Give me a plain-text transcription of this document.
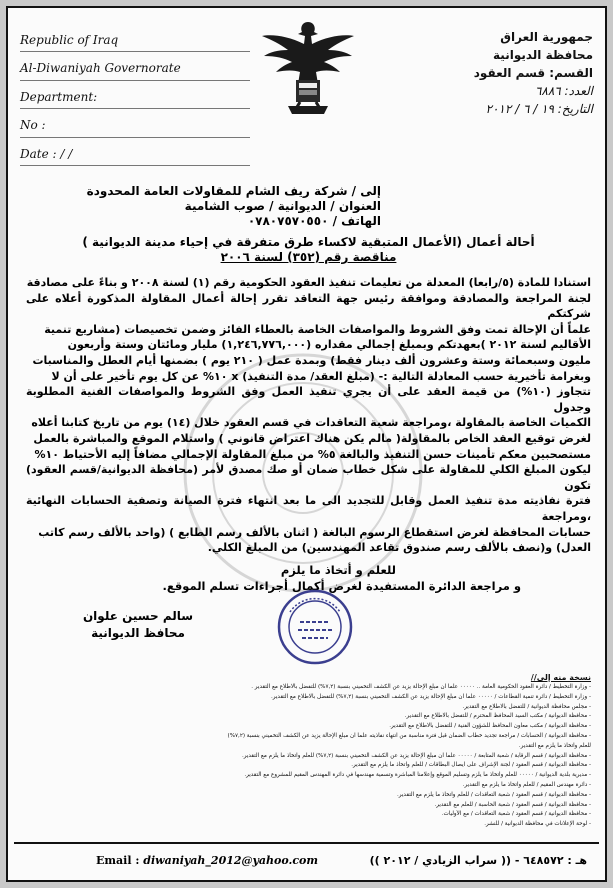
Republic of Iraq
Al-Diwaniyah Governorate
Department:
No :
Date : / /
جمهورية العراق
محافظة الديوانية
القسم: قسم العقود
العدد: ٦٨٨٦
التاريخ: ١٩ / ٦ / ٢٠١٢
إلى / شركة ريف الشام للمقاولات العامة المحدودة
العنوان / الديوانية / صوب الشامية
الهاتف / ٠٧٨٠٧٥٧٠٥٥٠
أحالة أعمال (الأعمال المتبقية لاكساء طرق متفرقة في إحياء مدينة الديوانية )
مناقصة رقم (٣٥٢) لسنة ٢٠٠٦
استنادا للمادة (٥/رابعا) المعدلة من تعليمات تنفيذ العقود الحكومية رقم (١) لسنة ٢٠٠٨ و بناءً على مصادقة
لجنة المراجعة والمصادقة وموافقة رئيس جهة التعاقد تقرر إحالة أعمال المقاولة المذكورة أعلاه على شركتكم
علماً أن الإحالة تمت وفق الشروط والمواصفات الخاصة بالعطاء الفائز وضمن تخصيصات (مشاريع تنمية
الأقاليم لسنة ٢٠١٢ )بعهدتكم وبمبلغ إجمالي مقداره (١,٢٤٦,٧٧٦,٠٠٠) مليار ومائتان وستة وأربعون
مليون وسبعمائة وستة وعشرون ألف دينار فقط) وبمدة عمل ( ٢١٠ يوم ) بضمنها أيام العطل والمناسبات
وبغرامة تأخيرية حسب المعادلة التالية :- (مبلغ العقد/ مدة التنفيذ) x ١٠% عن كل يوم تأخير على أن لا
تتجاوز (١٠%) من قيمة العقد على أن يجري تنفيذ العمل وفق الشروط والمواصفات الفنية المطلوبة وجدول
الكميات الخاصة بالمقاولة ،ومراجعة شعبة التعاقدات في قسم العقود خلال (١٤) يوم من تاريخ كتابنا أعلاه
لغرض توقيع العقد الخاص بالمقاولة( مالم يكن هناك اعتراض قانوني ) واستلام الموقع والمباشرة بالعمل
مستصحبين معكم تأمينات حسن التنفيذ والبالغة ٥% من مبلغ المقاولة الإجمالي مضافاً إليه الأحتياط ١٠%
ليكون المبلغ الكلي للمقاولة على شكل خطاب ضمان أو صك مصدق لأمر (محافظة الديوانية/قسم العقود) تكون
فترة نفاذيته مدة تنفيذ العمل وقابل للتجديد الى ما بعد انتهاء فترة الصيانة وتصفية الحسابات النهائية ،ومراجعة
حسابات المحافظة لغرض استقطاع الرسوم البالغة ( اثنان بالألف رسم الطابع ) (واحد بالألف رسم كاتب
العدل) و(نصف بالألف رسم صندوق تقاعد المهندسين) من المبلغ الكلي.
للعلم و أتخاذ ما يلزم
و مراجعة الدائرة المستفيدة لغرض أكمال أجراءات تسلم الموقع.
سالم حسين علوان
محافظ الديوانية
نسخة منه إلى//
- وزارة التخطيط / دائرة العقود الحكومية العامة .. ٠٠٠٠٠ علما ان مبلغ الإحالة يزيد عن الكشف التخميني بنسبة (٧,٢%) للتفضل بالاطلاع مع التقدير .
- وزارة التخطيط / دائرة تنمية القطاعات / ٠٠٠٠٠ علما ان مبلغ الإحالة يزيد عن الكشف التخميني بنسبة (٧,٢%) للتفضل بالاطلاع مع التقدير.
- مجلس محافظة الديوانية / للتفضل بالاطلاع مع التقدير.
- محافظة الديوانية / مكتب السيد المحافظ المحترم / للتفضل بالاطلاع مع التقدير.
- محافظة الديوانية / مكتب معاون المحافظ للشؤون الفنية / للتفضل بالاطلاع مع التقدير.
- محافظة الديوانية / الحسابات / مراجعة تجديد خطاب الضمان قبل فترة مناسبة من انتهاء نفاذيته علما ان مبلغ الإحالة يزيد عن الكشف التخميني بنسبة (٧,٢%)
للعلم واتخاذ ما يلزم مع التقدير.
- محافظة الديوانية / قسم الرقابة / شعبة المتابعة / ٠٠٠٠٠ علما ان مبلغ الإحالة يزيد عن الكشف التخميني بنسبة (٧,٢%) للعلم واتخاذ ما يلزم مع التقدير.
- محافظة الديوانية / قسم العقود / لجنة الإشراف على ايصال البطاقات / للعلم واتخاذ ما يلزم مع التقدير.
- مديرية بلدية الديوانية / ٠٠٠٠٠ للعلم واتخاذ ما يلزم وتسليم الموقع وإعلامنا المباشرة وتسمية مهندسها في دائرة المهندس المقيم للمشروع مع التقدير.
- دائرة مهندس المقيم / للعلم واتخاذ ما يلزم مع التقدير.
- محافظة الديوانية / قسم العقود / شعبة التعاقدات / للعلم واتخاذ ما يلزم مع التقدير.
- محافظة الديوانية / قسم العقود / شعبة الحاسبة / للعلم مع التقدير.
- محافظة الديوانية / قسم العقود / شعبة التعاقدات / مع الأوليات.
- لوحة الإعلانات في محافظة الديوانية / للنشر.
Email : diwaniyah_2012@yahoo.com	هـ : ٦٤٨٥٧٢ - (( سراب الزيادي / ٢٠١٢ ))
